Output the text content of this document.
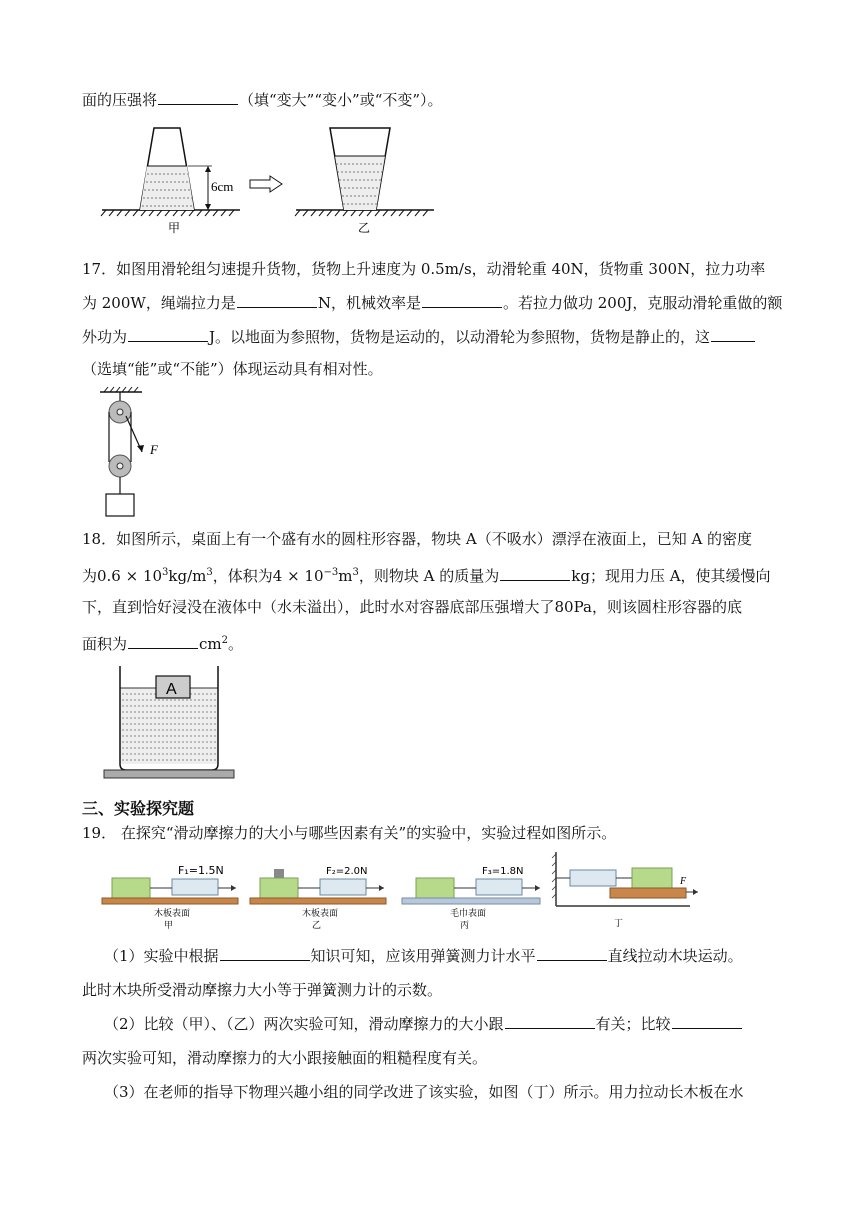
面的压强将	（填“变大”“变小”或“不变”）。
6cm
甲	乙
17．如图用滑轮组匀速提升货物，货物上升速度为 0.5m/s，动滑轮重 40N，货物重 300N，拉力功率
为 200W，绳端拉力是	N，机械效率是	。若拉力做功 200J，克服动滑轮重做的额
外功为	J。以地面为参照物，货物是运动的，以动滑轮为参照物，货物是静止的，这
（选填“能”或“不能”）体现运动具有相对性。
F
18．如图所示，桌面上有一个盛有水的圆柱形容器，物块 A（不吸水）漂浮在液面上，已知 A 的密度
为$0.6 \times 10^3kg/m^3$，体积为$4 \times 10^{-3}m^3$，则物块 A 的质量为	kg；现用力压 A，使其缓慢向
下，直到恰好浸没在液体中（水未溢出），此时水对容器底部压强增大了80Pa，则该圆柱形容器的底
面积为	$cm^2$。
A
三、实验探究题
19． 在探究“滑动摩擦力的大小与哪些因素有关”的实验中，实验过程如图所示。
F₁=1.5N
木板表面
甲
F₂=2.0N
木板表面
乙
F₃=1.8N
毛巾表面
丙
F
丁
（1）实验中根据	知识可知，应该用弹簧测力计水平	直线拉动木块运动。
此时木块所受滑动摩擦力大小等于弹簧测力计的示数。
（2）比较（甲）、（乙）两次实验可知，滑动摩擦力的大小跟	有关；比较
两次实验可知，滑动摩擦力的大小跟接触面的粗糙程度有关。
（3）在老师的指导下物理兴趣小组的同学改进了该实验，如图（丁）所示。用力拉动长木板在水
